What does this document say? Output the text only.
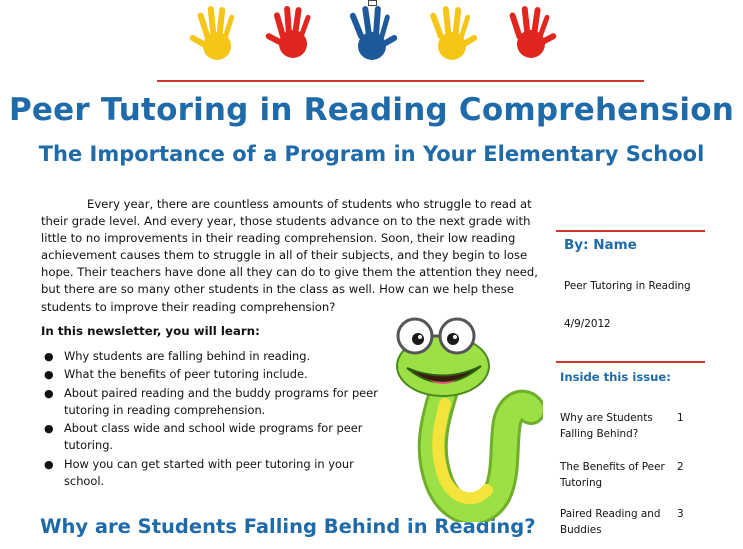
Peer Tutoring in Reading Comprehension
The Importance of a Program in Your Elementary School
Every year, there are countless amounts of students who struggle to read at their grade level. And every year, those students advance on to the next grade with little to no improvements in their reading comprehension. Soon, their low reading achievement causes them to struggle in all of their subjects, and they begin to lose hope. Their teachers have done all they can do to give them the attention they need, but there are so many other students in the class as well. How can we help these students to improve their reading comprehension?
In this newsletter, you will learn:
● Why students are falling behind in reading.
● What the benefits of peer tutoring include.
● About paired reading and the buddy programs for peer tutoring in reading comprehension.
● About class wide and school wide programs for peer tutoring.
● How you can get started with peer tutoring in your school.
Why are Students Falling Behind in Reading?
By: Name
Peer Tutoring in Reading
4/9/2012
Inside this issue:
Why are Students Falling Behind?
1
The Benefits of Peer Tutoring
2
Paired Reading and Buddies
3
